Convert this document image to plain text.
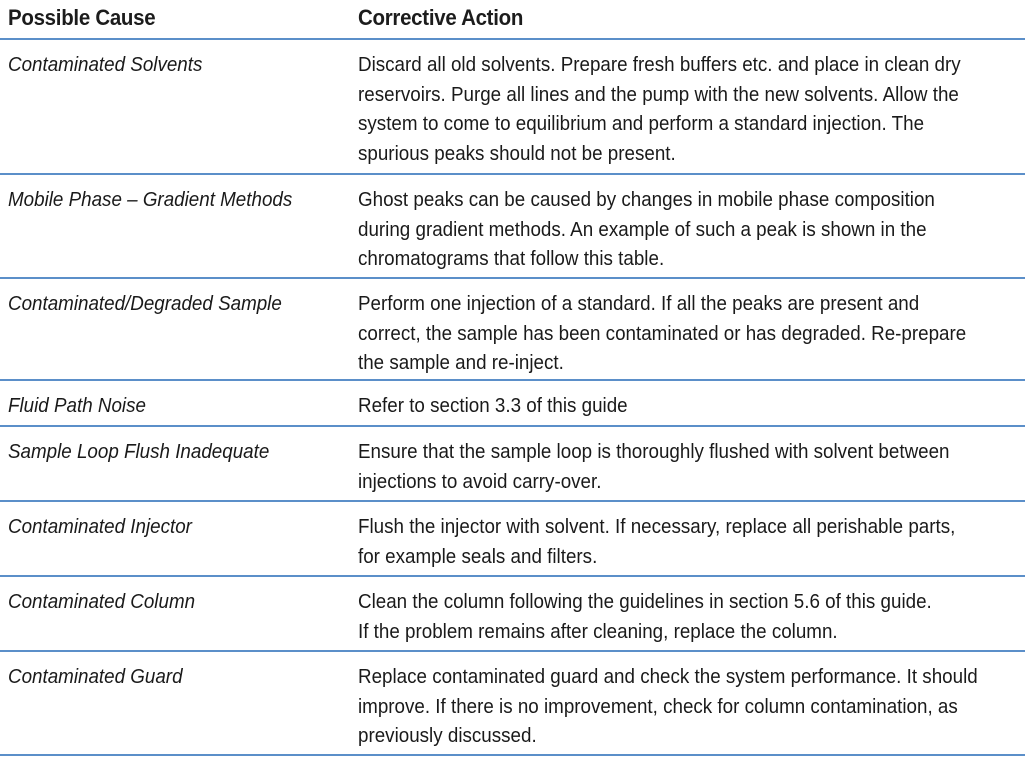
Possible Cause	Corrective Action
Contaminated Solvents	Discard all old solvents. Prepare fresh buffers etc. and place in clean dry
reservoirs. Purge all lines and the pump with the new solvents. Allow the
system to come to equilibrium and perform a standard injection. The
spurious peaks should not be present.
Mobile Phase – Gradient Methods	Ghost peaks can be caused by changes in mobile phase composition
during gradient methods. An example of such a peak is shown in the
chromatograms that follow this table.
Contaminated/Degraded Sample	Perform one injection of a standard. If all the peaks are present and
correct, the sample has been contaminated or has degraded. Re-prepare
the sample and re-inject.
Fluid Path Noise	Refer to section 3.3 of this guide
Sample Loop Flush Inadequate	Ensure that the sample loop is thoroughly flushed with solvent between
injections to avoid carry-over.
Contaminated Injector	Flush the injector with solvent. If necessary, replace all perishable parts,
for example seals and filters.
Contaminated Column	Clean the column following the guidelines in section 5.6 of this guide.
If the problem remains after cleaning, replace the column.
Contaminated Guard	Replace contaminated guard and check the system performance. It should
improve. If there is no improvement, check for column contamination, as
previously discussed.
